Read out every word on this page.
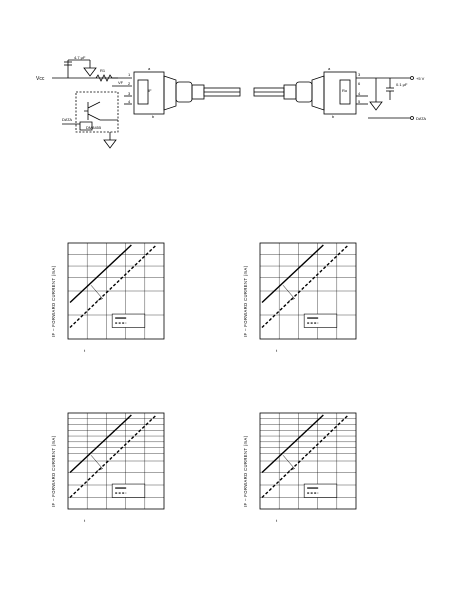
Vcc
4.7 μF
R1
VF
DATA
DM8455
IF	Ro
0.1 μF
+5 V
DATA
1
2
3
4
3
6
4
5
a
b
a
b
IF – FORWARD CURRENT (mA)
t
IF – FORWARD CURRENT (mA)
t
IF – FORWARD CURRENT (mA)
t
IF – FORWARD CURRENT (mA)
t
